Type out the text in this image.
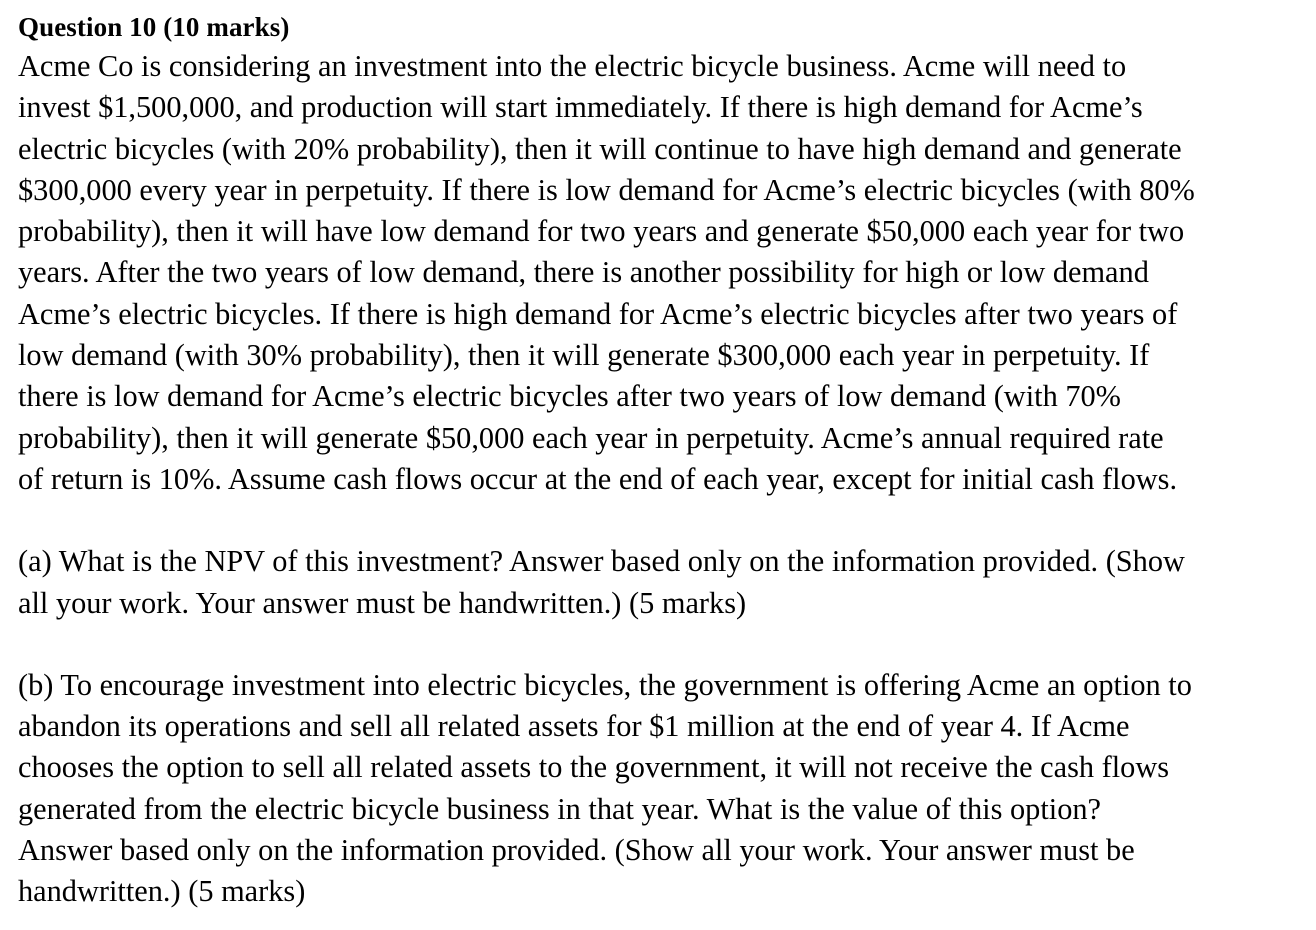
Question 10 (10 marks)
Acme Co is considering an investment into the electric bicycle business. Acme will need to
invest $1,500,000, and production will start immediately. If there is high demand for Acme’s
electric bicycles (with 20% probability), then it will continue to have high demand and generate
$300,000 every year in perpetuity. If there is low demand for Acme’s electric bicycles (with 80%
probability), then it will have low demand for two years and generate $50,000 each year for two
years. After the two years of low demand, there is another possibility for high or low demand
Acme’s electric bicycles. If there is high demand for Acme’s electric bicycles after two years of
low demand (with 30% probability), then it will generate $300,000 each year in perpetuity. If
there is low demand for Acme’s electric bicycles after two years of low demand (with 70%
probability), then it will generate $50,000 each year in perpetuity. Acme’s annual required rate
of return is 10%. Assume cash flows occur at the end of each year, except for initial cash flows.
(a) What is the NPV of this investment? Answer based only on the information provided. (Show
all your work. Your answer must be handwritten.) (5 marks)
(b) To encourage investment into electric bicycles, the government is offering Acme an option to
abandon its operations and sell all related assets for $1 million at the end of year 4. If Acme
chooses the option to sell all related assets to the government, it will not receive the cash flows
generated from the electric bicycle business in that year. What is the value of this option?
Answer based only on the information provided. (Show all your work. Your answer must be
handwritten.) (5 marks)
